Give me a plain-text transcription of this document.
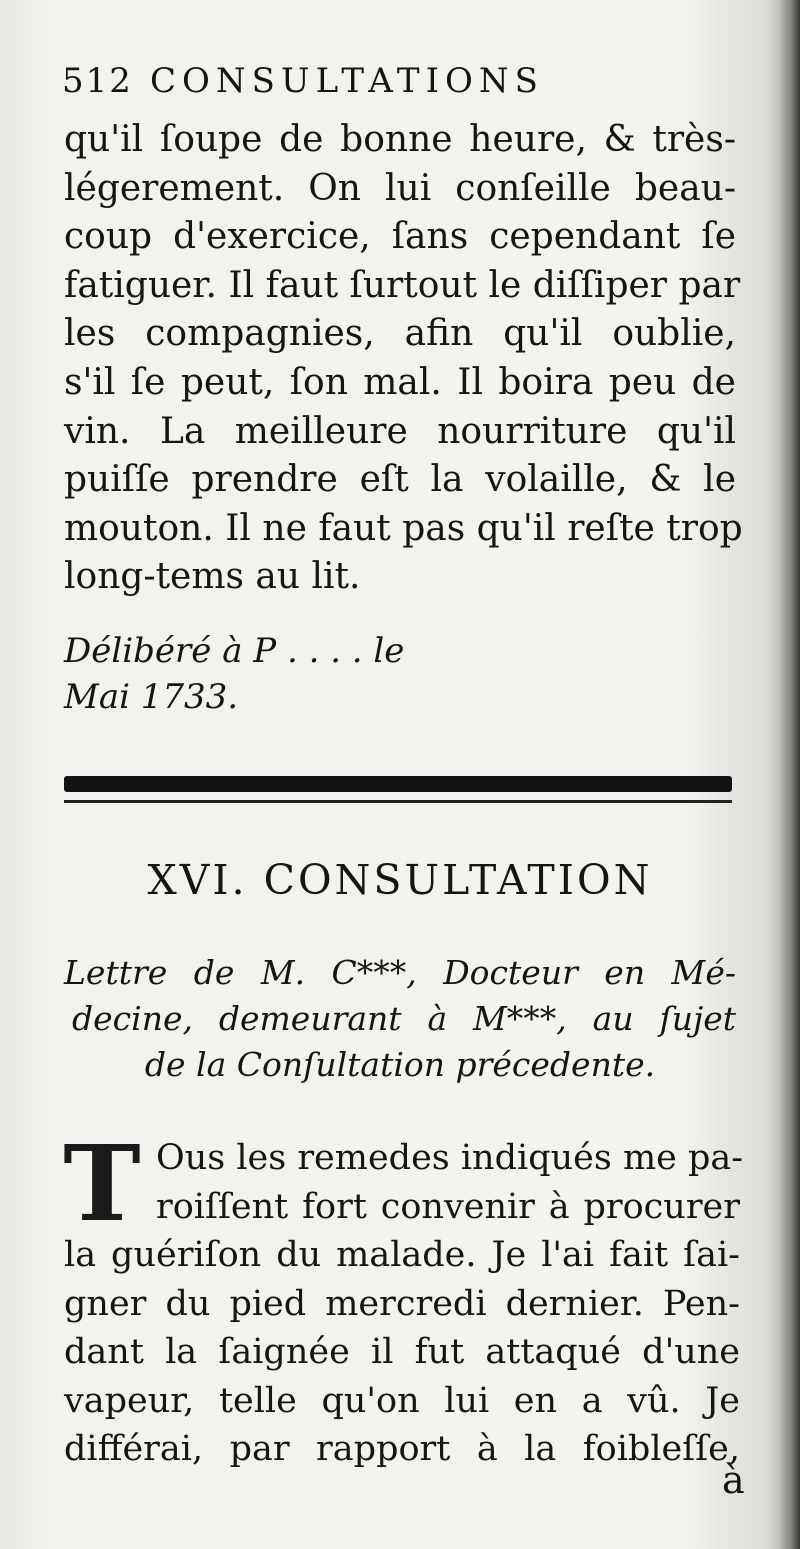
512 CONSULTATIONS
qu'il ſoupe de bonne heure, & très-
légerement. On lui conſeille beau-
coup d'exercice, ſans cependant ſe
fatiguer. Il faut ſurtout le diſſiper par
les compagnies, afin qu'il oublie,
s'il ſe peut, ſon mal. Il boira peu de
vin. La meilleure nourriture qu'il
puiſſe prendre eſt la volaille, & le
mouton. Il ne faut pas qu'il reſte trop
long-tems au lit.
Délibéré à P . . . . le
Mai 1733.
XVI. CONSULTATION
Lettre de M. C***, Docteur en Mé-
decine, demeurant à M***, au ſujet
de la Conſultation précedente.
T Ous les remedes indiqués me pa-
roiſſent fort convenir à procurer
la guériſon du malade. Je l'ai fait ſai-
gner du pied mercredi dernier. Pen-
dant la ſaignée il fut attaqué d'une
vapeur, telle qu'on lui en a vû. Je
différai, par rapport à la foibleſſe,
à
